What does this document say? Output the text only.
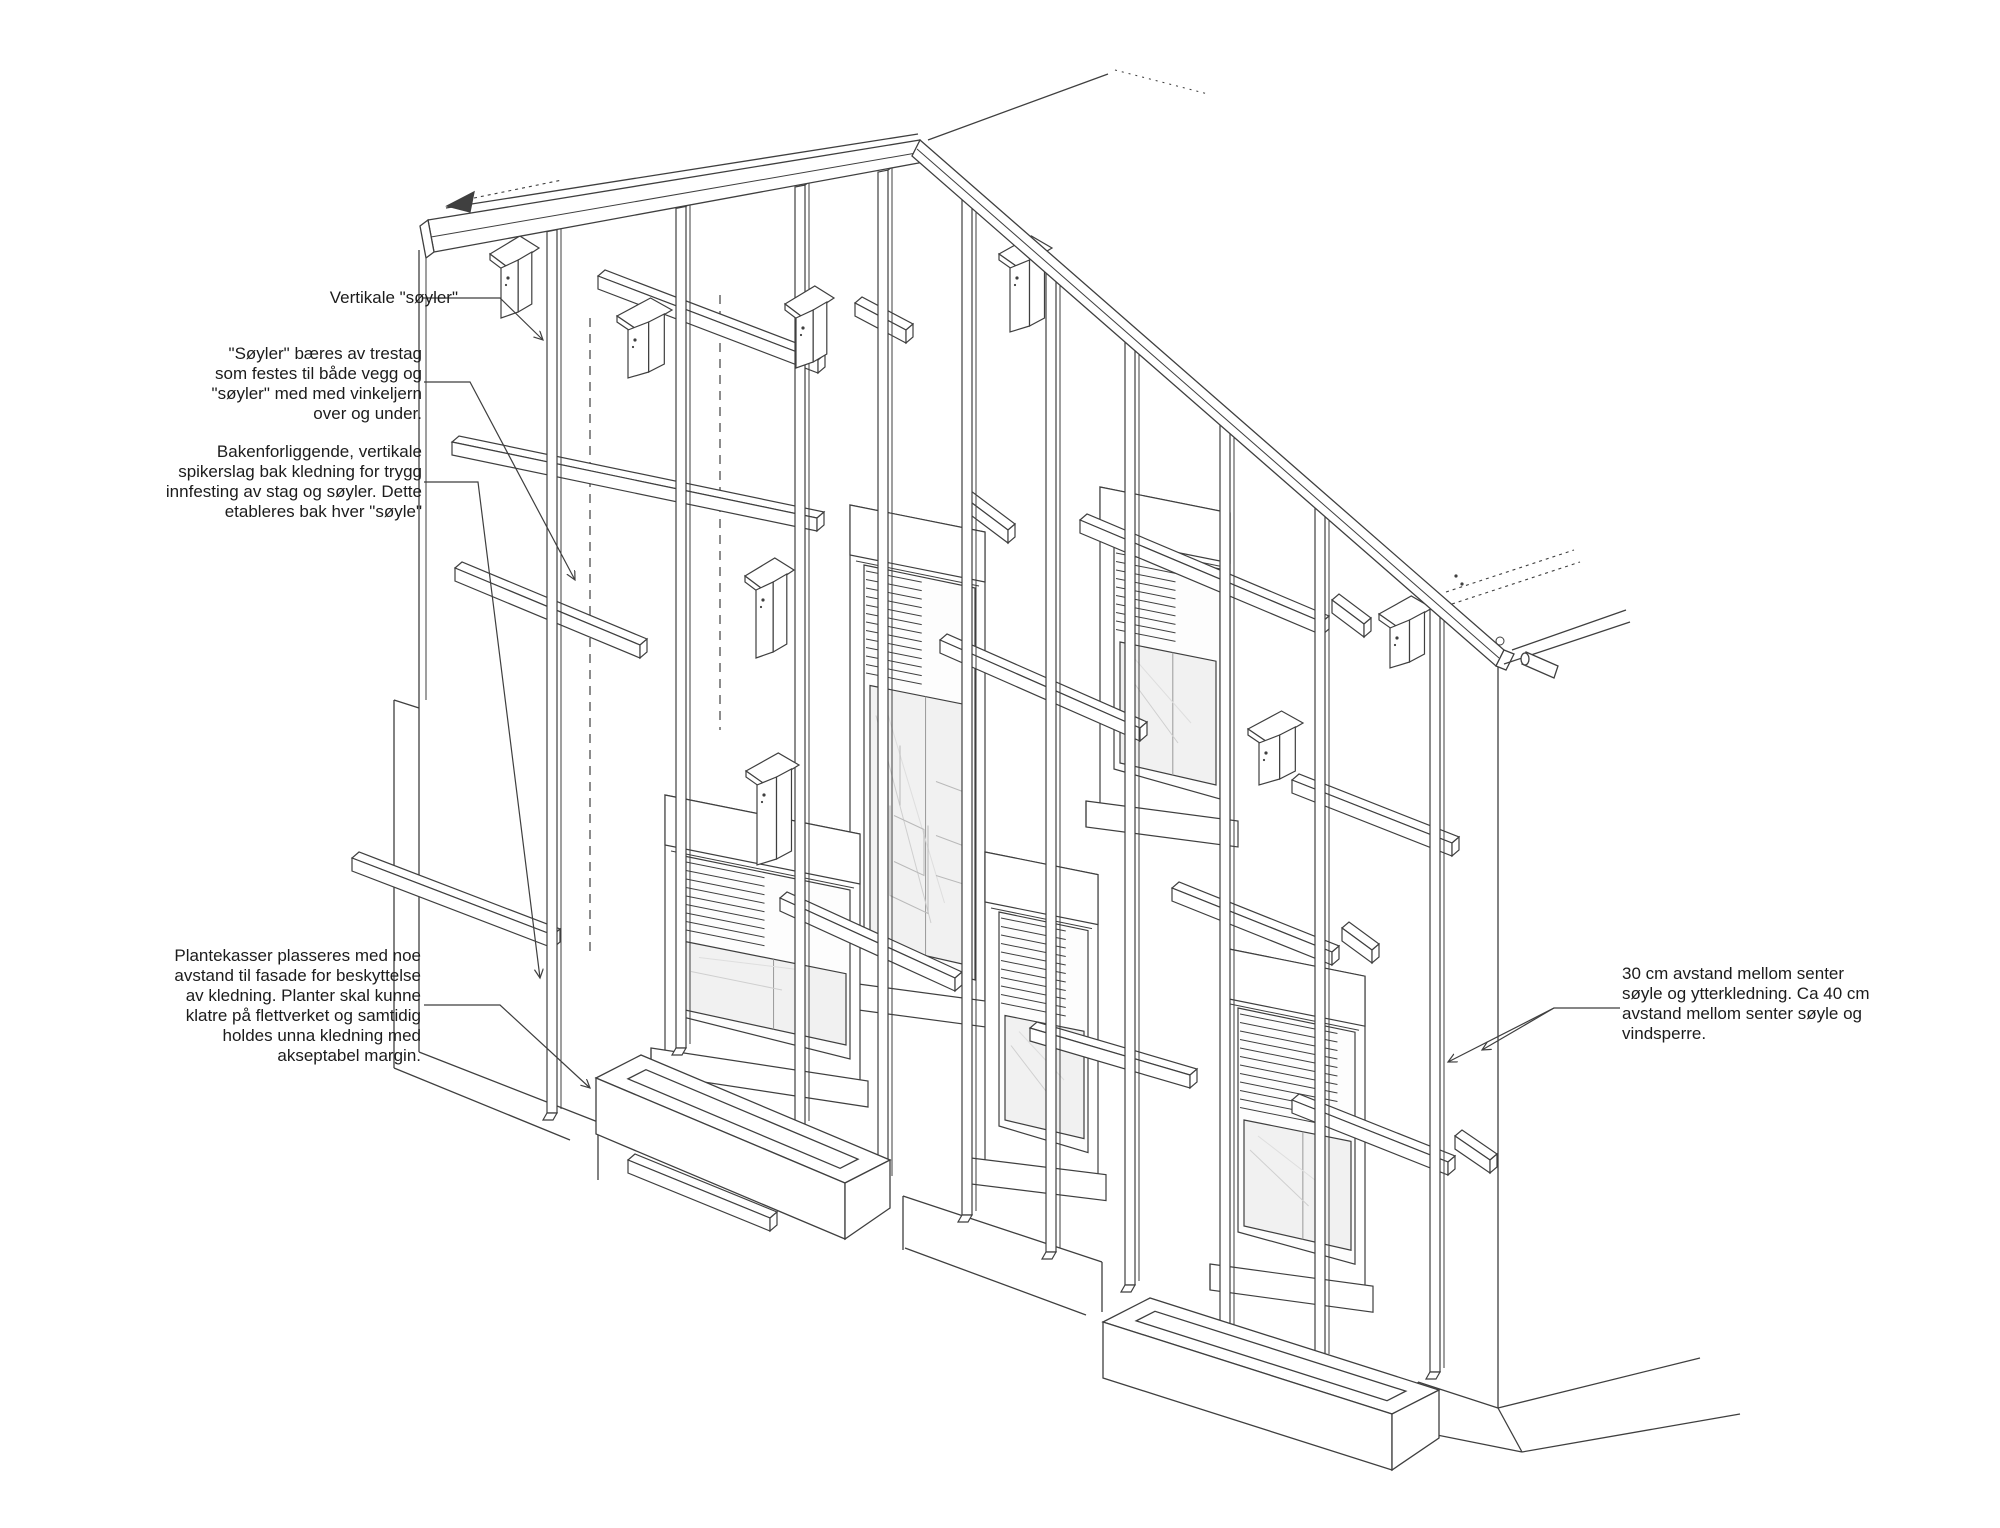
Vertikale "søyler"
"Søyler" bæres av trestag
som festes til både vegg og
"søyler" med med vinkeljern
over og under.
Bakenforliggende, vertikale
spikerslag bak kledning for trygg
innfesting av stag og søyler. Dette
etableres bak hver "søyle"
Plantekasser plasseres med noe
avstand til fasade for beskyttelse
av kledning. Planter skal kunne
klatre på flettverket og samtidig
holdes unna kledning med
akseptabel margin.
30 cm avstand mellom senter
søyle og ytterkledning. Ca 40 cm
avstand mellom senter søyle og
vindsperre.
